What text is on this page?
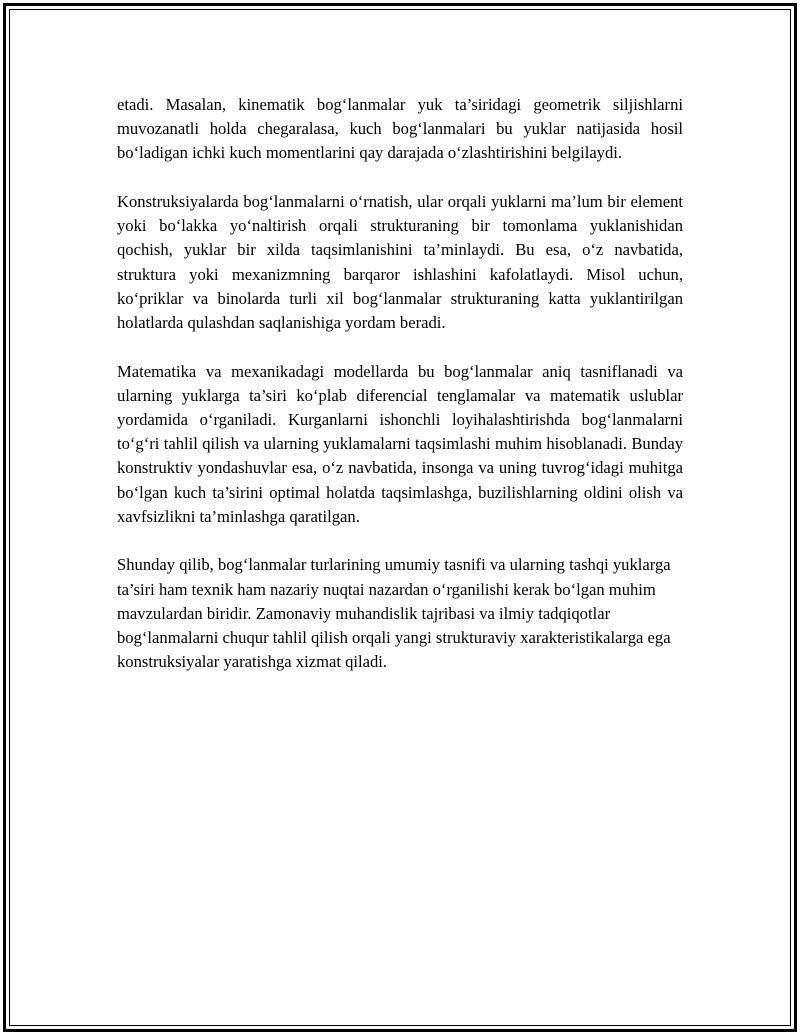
etadi. Masalan, kinematik bog‘lanmalar yuk ta’siridagi geometrik siljishlarni muvozanatli holda chegaralasa, kuch bog‘lanmalari bu yuklar natijasida hosil bo‘ladigan ichki kuch momentlarini qay darajada o‘zlashtirishini belgilaydi.

Konstruksiyalarda bog‘lanmalarni o‘rnatish, ular orqali yuklarni ma’lum bir element yoki bo‘lakka yo‘naltirish orqali strukturaning bir tomonlama yuklanishidan qochish, yuklar bir xilda taqsimlanishini ta’minlaydi. Bu esa, o‘z navbatida, struktura yoki mexanizmning barqaror ishlashini kafolatlaydi. Misol uchun, ko‘priklar va binolarda turli xil bog‘lanmalar strukturaning katta yuklantirilgan holatlarda qulashdan saqlanishiga yordam beradi.

Matematika va mexanikadagi modellarda bu bog‘lanmalar aniq tasniflanadi va ularning yuklarga ta’siri ko‘plab diferencial tenglamalar va matematik uslublar yordamida o‘rganiladi. Kurganlarni ishonchli loyihalashtirishda bog‘lanmalarni to‘g‘ri tahlil qilish va ularning yuklamalarni taqsimlashi muhim hisoblanadi. Bunday konstruktiv yondashuvlar esa, o‘z navbatida, insonga va uning tuvrog‘idagi muhitga bo‘lgan kuch ta’sirini optimal holatda taqsimlashga, buzilishlarning oldini olish va xavfsizlikni ta’minlashga qaratilgan.

Shunday qilib, bog‘lanmalar turlarining umumiy tasnifi va ularning tashqi yuklarga ta’siri ham texnik ham nazariy nuqtai nazardan o‘rganilishi kerak bo‘lgan muhim mavzulardan biridir. Zamonaviy muhandislik tajribasi va ilmiy tadqiqotlar bog‘lanmalarni chuqur tahlil qilish orqali yangi strukturaviy xarakteristikalarga ega konstruksiyalar yaratishga xizmat qiladi.
